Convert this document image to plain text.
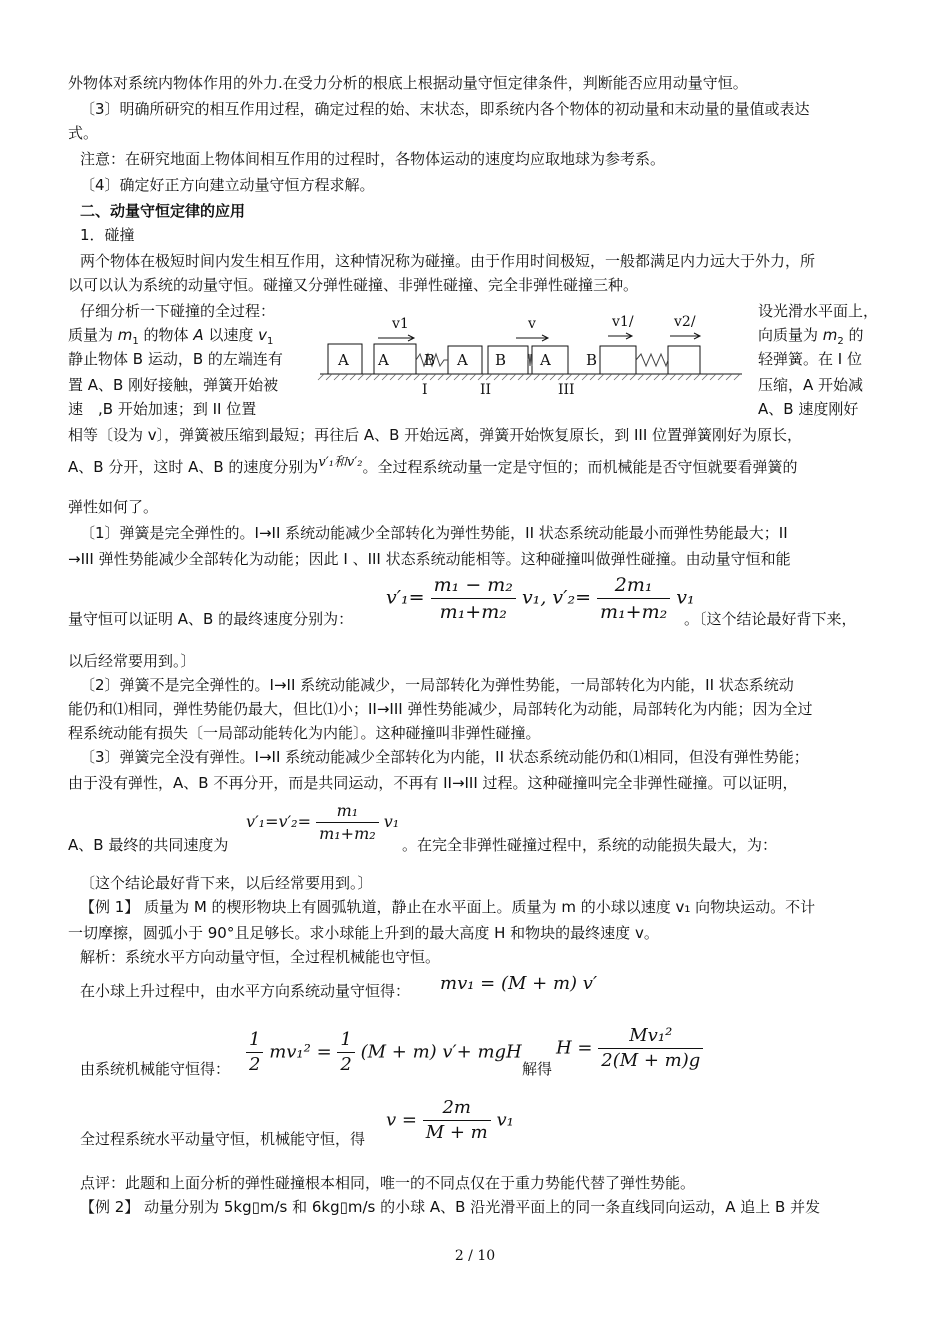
外物体对系统内物体作用的外力.在受力分析的根底上根据动量守恒定律条件，判断能否应用动量守恒。
〔3〕明确所研究的相互作用过程，确定过程的始、末状态，即系统内各个物体的初动量和末动量的量值或表达
式。
注意：在研究地面上物体间相互作用的过程时，各物体运动的速度均应取地球为参考系。
〔4〕确定好正方向建立动量守恒方程求解。
二、动量守恒定律的应用
1．碰撞
两个物体在极短时间内发生相互作用，这种情况称为碰撞。由于作用时间极短，一般都满足内力远大于外力，所
以可以认为系统的动量守恒。碰撞又分弹性碰撞、非弹性碰撞、完全非弹性碰撞三种。
仔细分析一下碰撞的全过程：
质量为 $m_1$ 的物体 A 以速度 $v_1$
静止物体 B 运动，B 的左端连有
置 A、B 刚好接触，弹簧开始被
速　,B 开始加速；到 II 位置
设光滑水平面上，
向质量为 $m_2$ 的
轻弹簧。在 I 位
压缩，A 开始减
A、B 速度刚好
v1	v	v1/	v2/
A A B A B A B
I	II	III
相等〔设为 v〕，弹簧被压缩到最短；再往后 A、B 开始远离，弹簧开始恢复原长，到 III 位置弹簧刚好为原长，
A、B 分开，这时 A、B 的速度分别为v′₁和v′₂。全过程系统动量一定是守恒的；而机械能是否守恒就要看弹簧的
弹性如何了。
〔1〕弹簧是完全弹性的。I→II 系统动能减少全部转化为弹性势能，II 状态系统动能最小而弹性势能最大；II
→III 弹性势能减少全部转化为动能；因此 I 、III 状态系统动能相等。这种碰撞叫做弹性碰撞。由动量守恒和能
量守恒可以证明 A、B 的最终速度分别为：
$v'_1= \frac{\text{m₁ − m₂}}{\text{m₁+m₂}} v_1$, $v'_2= \frac{\text{2m₁}}{\text{m₁+m₂}} v_1$
。〔这个结论最好背下来，
以后经常要用到。〕
〔2〕弹簧不是完全弹性的。I→II 系统动能减少，一局部转化为弹性势能，一局部转化为内能，II 状态系统动
能仍和⑴相同，弹性势能仍最大，但比⑴小；II→III 弹性势能减少，局部转化为动能，局部转化为内能；因为全过
程系统动能有损失〔一局部动能转化为内能〕。这种碰撞叫非弹性碰撞。
〔3〕弹簧完全没有弹性。I→II 系统动能减少全部转化为内能，II 状态系统动能仍和⑴相同，但没有弹性势能；
由于没有弹性，A、B 不再分开，而是共同运动，不再有 II→III 过程。这种碰撞叫完全非弹性碰撞。可以证明，
A、B 最终的共同速度为
$v'_1=v'_2= \frac{\text{m₁}}{\text{m₁+m₂}} v_1$
。在完全非弹性碰撞过程中，系统的动能损失最大，为：
〔这个结论最好背下来，以后经常要用到。〕
【例 1】 质量为 M 的楔形物块上有圆弧轨道，静止在水平面上。质量为 m 的小球以速度 v₁ 向物块运动。不计
一切摩擦，圆弧小于 90°且足够长。求小球能上升到的最大高度 H 和物块的最终速度 v。
解析：系统水平方向动量守恒，全过程机械能也守恒。
在小球上升过程中，由水平方向系统动量守恒得： mv₁ = (M + m) v′
由系统机械能守恒得： $\frac{1}{2} mv_1^2 = \frac{1}{2} (M + m)$ v′+ mgH
解得
$H = \frac{\text{Mv₁²}}{2(M + m)g}$
全过程系统水平动量守恒，机械能守恒，得
$v = \frac{2m}{M + m} v_1$
点评：此题和上面分析的弹性碰撞根本相同，唯一的不同点仅在于重力势能代替了弹性势能。
【例 2】 动量分别为 5kg▯m/s 和 6kg▯m/s 的小球 A、B 沿光滑平面上的同一条直线同向运动，A 追上 B 并发
2 / 10
